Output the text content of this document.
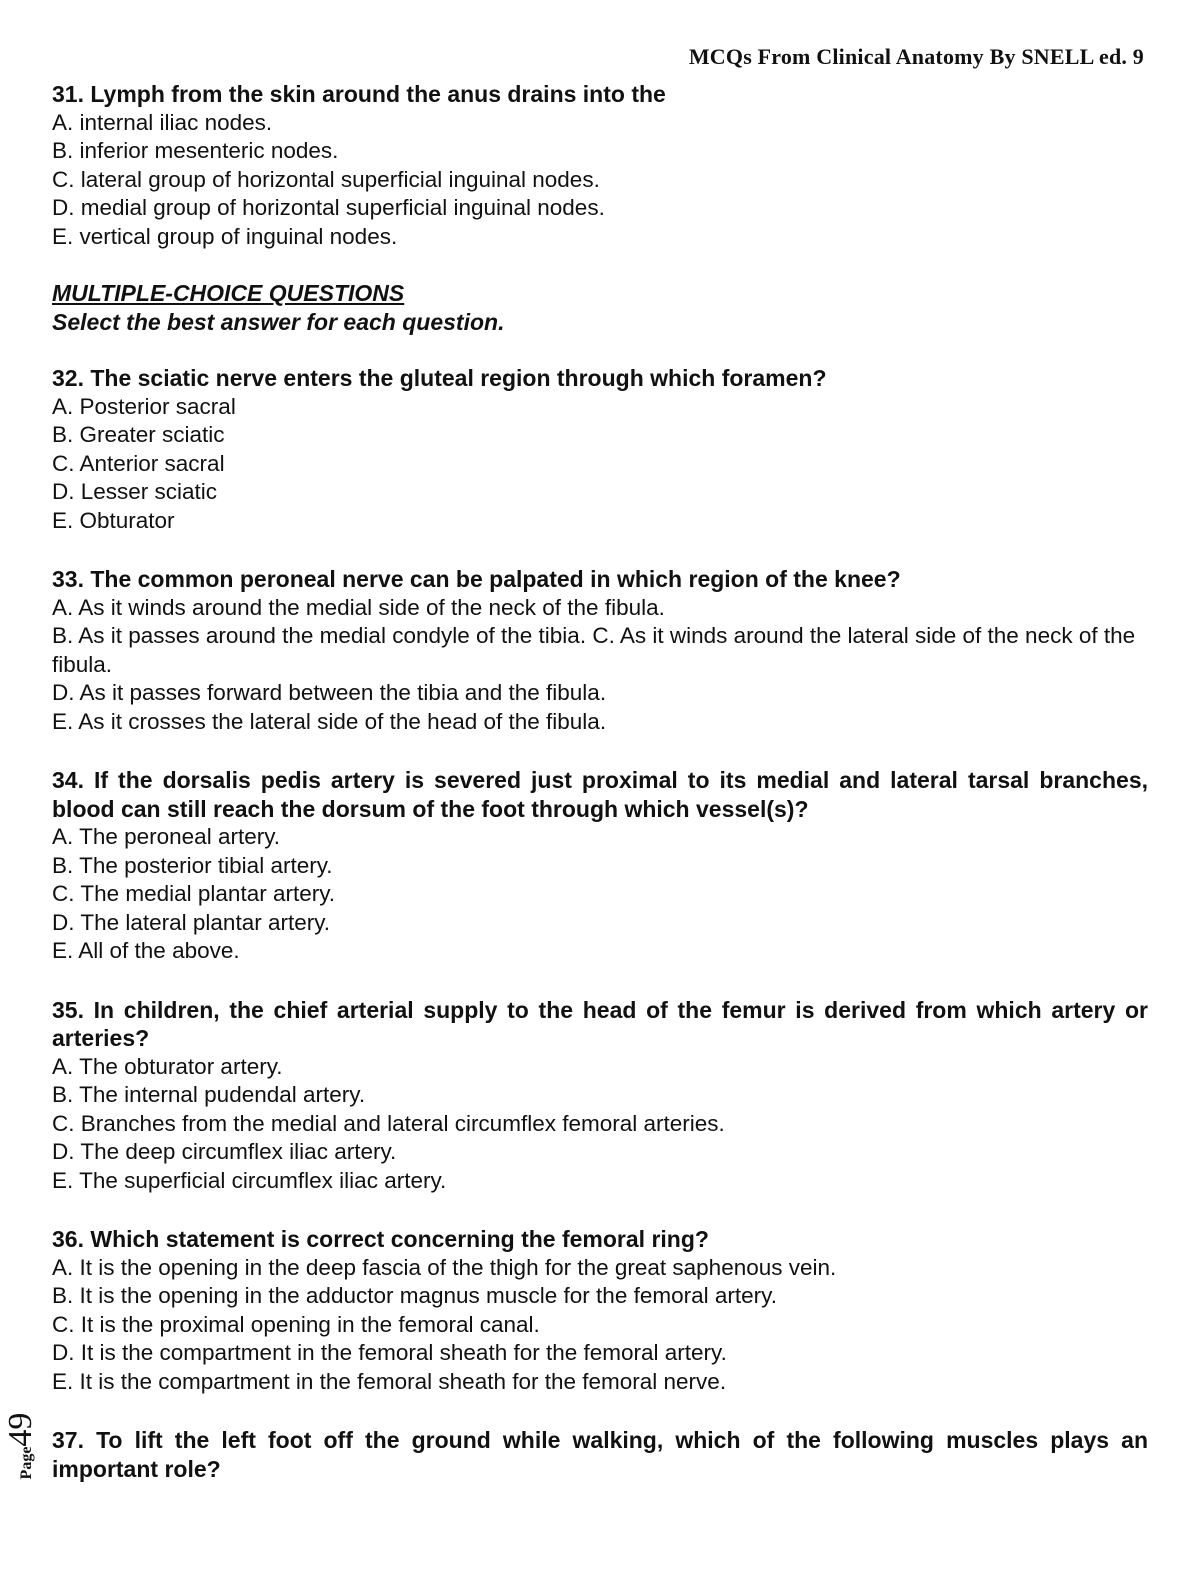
MCQs From Clinical Anatomy By SNELL ed. 9
31. Lymph from the skin around the anus drains into the
A. internal iliac nodes.
B. inferior mesenteric nodes.
C. lateral group of horizontal superficial inguinal nodes.
D. medial group of horizontal superficial inguinal nodes.
E. vertical group of inguinal nodes.
MULTIPLE-CHOICE QUESTIONS
Select the best answer for each question.
32. The sciatic nerve enters the gluteal region through which foramen?
A. Posterior sacral
B. Greater sciatic
C. Anterior sacral
D. Lesser sciatic
E. Obturator
33. The common peroneal nerve can be palpated in which region of the knee?
A. As it winds around the medial side of the neck of the fibula.
B. As it passes around the medial condyle of the tibia. C. As it winds around the lateral side of the neck of the fibula.
D. As it passes forward between the tibia and the fibula.
E. As it crosses the lateral side of the head of the fibula.
34. If the dorsalis pedis artery is severed just proximal to its medial and lateral tarsal branches, blood can still reach the dorsum of the foot through which vessel(s)?
A. The peroneal artery.
B. The posterior tibial artery.
C. The medial plantar artery.
D. The lateral plantar artery.
E. All of the above.
35. In children, the chief arterial supply to the head of the femur is derived from which artery or arteries?
A. The obturator artery.
B. The internal pudendal artery.
C. Branches from the medial and lateral circumflex femoral arteries.
D. The deep circumflex iliac artery.
E. The superficial circumflex iliac artery.
36. Which statement is correct concerning the femoral ring?
A. It is the opening in the deep fascia of the thigh for the great saphenous vein.
B. It is the opening in the adductor magnus muscle for the femoral artery.
C. It is the proximal opening in the femoral canal.
D. It is the compartment in the femoral sheath for the femoral artery.
E. It is the compartment in the femoral sheath for the femoral nerve.
37. To lift the left foot off the ground while walking, which of the following muscles plays an important role?
Page49
